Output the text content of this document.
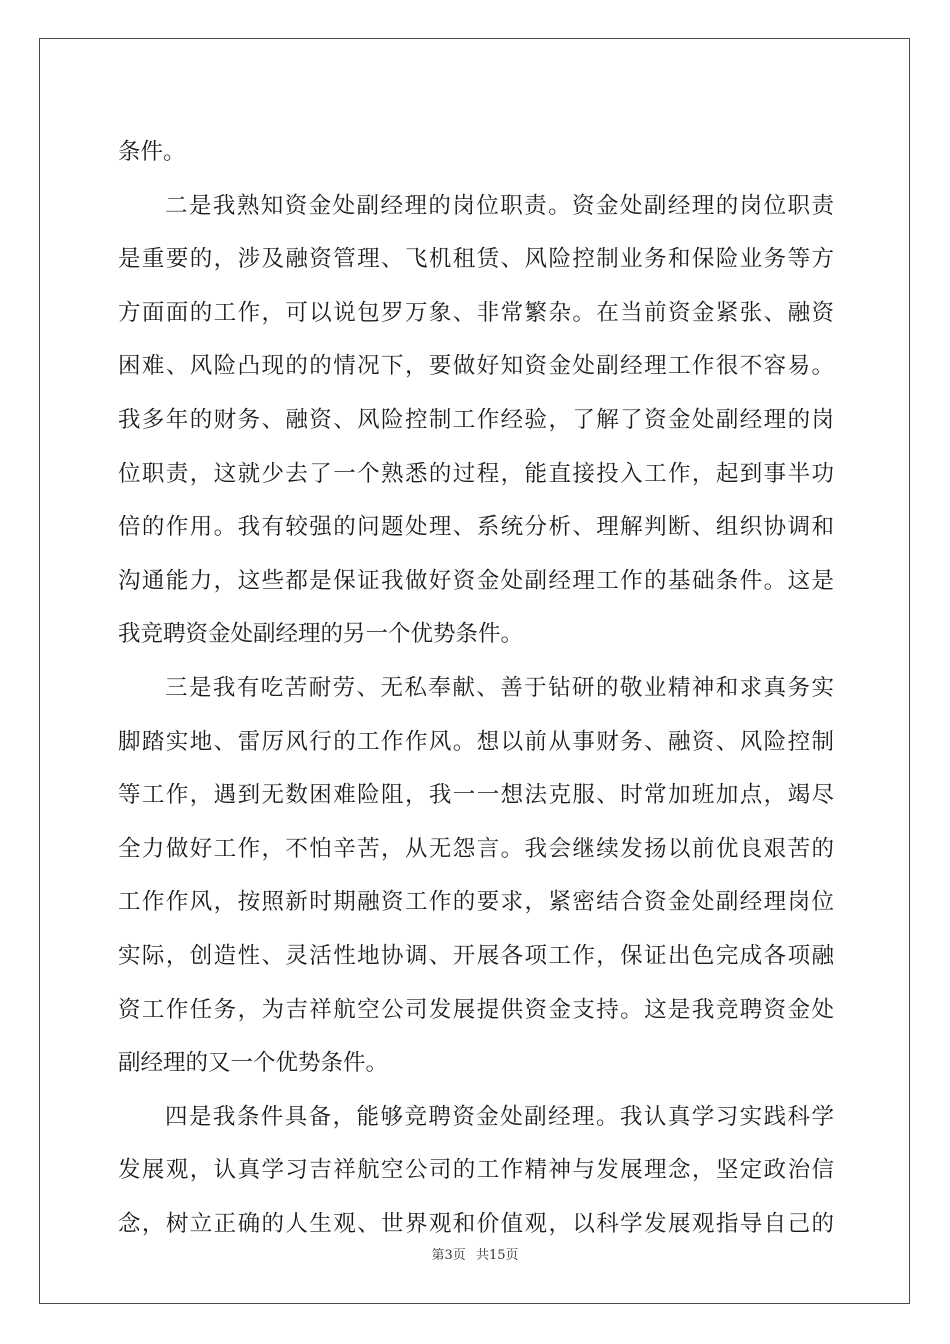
条件。
二是我熟知资金处副经理的岗位职责。资金处副经理的岗位职责
是重要的，涉及融资管理、飞机租赁、风险控制业务和保险业务等方
方面面的工作，可以说包罗万象、非常繁杂。在当前资金紧张、融资
困难、风险凸现的的情况下，要做好知资金处副经理工作很不容易。
我多年的财务、融资、风险控制工作经验，了解了资金处副经理的岗
位职责，这就少去了一个熟悉的过程，能直接投入工作，起到事半功
倍的作用。我有较强的问题处理、系统分析、理解判断、组织协调和
沟通能力，这些都是保证我做好资金处副经理工作的基础条件。这是
我竞聘资金处副经理的另一个优势条件。
三是我有吃苦耐劳、无私奉献、善于钻研的敬业精神和求真务实
脚踏实地、雷厉风行的工作作风。想以前从事财务、融资、风险控制
等工作，遇到无数困难险阻，我一一想法克服、时常加班加点，竭尽
全力做好工作，不怕辛苦，从无怨言。我会继续发扬以前优良艰苦的
工作作风，按照新时期融资工作的要求，紧密结合资金处副经理岗位
实际，创造性、灵活性地协调、开展各项工作，保证出色完成各项融
资工作任务，为吉祥航空公司发展提供资金支持。这是我竞聘资金处
副经理的又一个优势条件。
四是我条件具备，能够竞聘资金处副经理。我认真学习实践科学
发展观，认真学习吉祥航空公司的工作精神与发展理念，坚定政治信
念，树立正确的人生观、世界观和价值观，以科学发展观指导自己的
第3页 共15页
